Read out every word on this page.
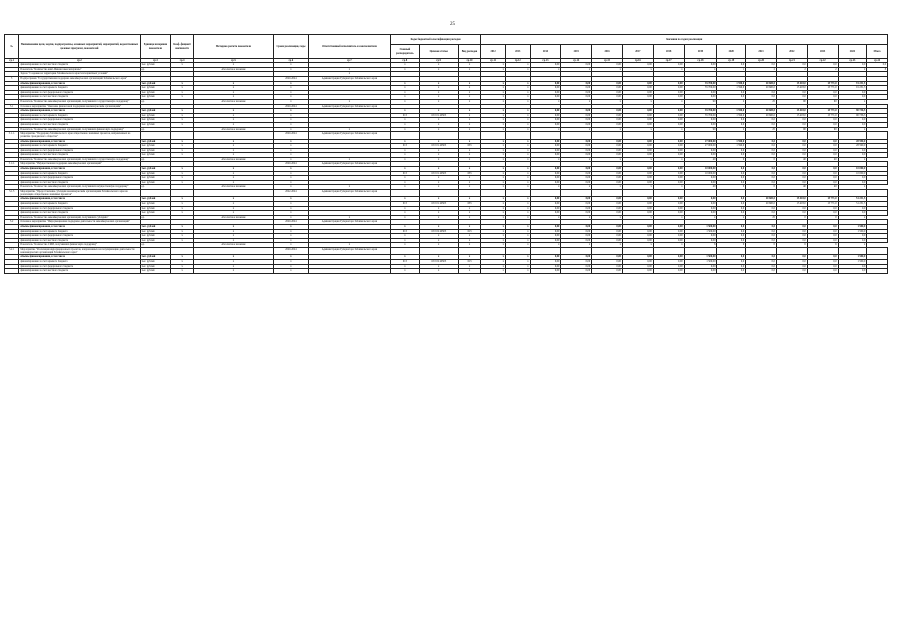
25
№	Наименование цели, задачи, подпрограммы, основных мероприятий, мероприятий, ведомственных целевых программ, показателей	Единица измерения показателя	Коэф. фициент значимости	Методика расчета показателя	Сроки реализации, годы	Ответственный исполнитель и соисполнители	Коды бюджетной классификации расходов			Значения по годам реализации													
							Главный распорядитель	Целевая статья	Вид расходов	2012	2013	2014	2015	2016	2017	2018	2019	2020	2021	2022	2023	2024	Итого
гр.1	гр.2	гр.3	гр.4	гр.5	гр.6	гр.7	гр.8	гр.9	гр.10	гр.11	гр.12	гр.13	гр.14	гр.15	гр.16	гр.17	гр.18	гр.19	гр.20	гр.21	гр.22	гр.23	гр.24
	финансирование за счет местного бюджета	тыс. рублей	х	х	х		х	х	х	х	х	0,00	0,00	0,00	0,00	0,00	0,00	0,0	0,0	0,0	0,0	0,0	0,0
	Показатель "Количество книг-Финансовые материалы"	ед.		Абсолютное значение	х	х	х	х	х	х	х	х	х	х	х	х	х	1	2	2	2	2	8
	Задача "Создание на территории Забайкальского края благоприятных условий"					х																	
5	Подпрограмма "Государственная поддержка некоммерческих организаций Забайкальского края"				2020-2024	Администрация Губернатора Забайкальского края																	
	объемы финансирования, в том числе	тыс. рублей	х	х	х		х	х	х	х	х	0,00	0,00	0,00	0,00	0,00	35 700,00	1 590,0	20 600,0	15 403,0	15 771,0	91 231,5	
	финансирование за счет краевого бюджета	тыс. рублей	х	х	х		х	х	х	х	х	0,00	0,00	0,00	0,00	0,00	35 700,00	1 590,0	20 600,0	15 403,0	15 771,0	91 231,5	
	финансирование за счет федерального бюджета	тыс. рублей	х	х	х		х	х	х	х	х	0,00	0,00	0,00	0,00	0,00	0,00	0,0	0,0	0,0	0,0	0,0	
	финансирование за счет местного бюджета	тыс. рублей	х	х	х		х	х	х	х	х	0,00	0,00	0,00	0,00	0,00	0,00	0,0	0,0	0,0	0,0	0,0	
	Показатель "Количество некоммерческих организаций, получивших государственную поддержку"	ед.		Абсолютное значение	х	х	х	х	х	х	х	х	х	х	х	х	90	2	25	90	90	х	
5.1	Основное мероприятие "Оказание финансовой поддержки некоммерческим организациям"				2020-2024	Администрация Губернатора Забайкальского края																	
	объемы финансирования, в том числе	тыс. рублей	х	х	х		х	х	х	х	х	0,00	0,00	0,00	0,00	0,00	35 700,00	1 590,0	20 600,0	15 403,0	15 771,0	90 736,5	
	финансирование за счет краевого бюджета	тыс. рублей	х	х	х		013	18 0 01 49505	х	х	х	0,00	0,00	0,00	0,00	0,00	35 700,00	1 590,0	20 600,0	15 403,0	15 771,0	90 736,5	
	финансирование за счет федерального бюджета	тыс. рублей	х	х	х		х	х	х	х	х	0,00	0,00	0,00	0,00	0,00	0,00	0,0	0,0	0,0	0,0	0,0	
	финансирование за счет местного бюджета	тыс. рублей	х	х	х		х	х	х	х	х	0,00	0,00	0,00	0,00	0,00	0,00	0,0	0,0	0,0	0,0	0,0	
	Показатель "Количество некоммерческих организаций, получивших финансовую поддержку"	ед.		Абсолютное значение	х	х	х	х	х	х	х	х	х	х	х	х	90	2	25	90	90	х	
5.1.1.	Мероприятие "Поддержка Забайкальского края общественно значимых проектов, направленных на развитие гражданского общества"				2020-2024	Администрация Губернатора Забайкальского края																	
	объемы финансирования, в том числе	тыс. рублей	х	х	х		х	х	х	х	х	0,00	0,00	0,00	0,00	0,00	27 000,00	1 590,0	0,0	0,0	0,0	28 590,0	
	финансирование за счет краевого бюджета	тыс. рублей	х	х	х		013	18 0 01 49505	633	х	х	0,00	0,00	0,00	0,00	0,00	27 000,00	1 590,0	0,0	0,0	0,0	28 590,0	
	финансирование за счет федерального бюджета	тыс. рублей	х	х	х		х	х	х	х	х	0,00	0,00	0,00	0,00	0,00	0,00	0,0	0,0	0,0	0,0	0,0	
	финансирование за счет местного бюджета	тыс. рублей	х	х	х		х	х	х	х	х	0,00	0,00	0,00	0,00	0,00	0,00	0,0	0,0	0,0	0,0	0,0	
	Показатель "Количество некоммерческих организаций, получивших государственную поддержку"	ед.		Абсолютное значение	х	х	х	х	х	х	х	х	х	х	х	х	40	0	0	40	40	х	
5.1.2.	Мероприятие "Имущественная поддержка некоммерческих организаций"				2020-2024	Администрация Губернатора Забайкальского края																	
	объемы финансирования, в том числе	тыс. рублей	х	х	х		х	х	х	х	х	0,00	0,00	0,00	0,00	0,00	10 000,00	0,0	0,0	0,0	0,0	10 000,0	
	финансирование за счет краевого бюджета	тыс. рублей	х	х	х		013	18 0 01 49505	633	х	х	0,00	0,00	0,00	0,00	0,00	10 000,00	0,0	0,0	0,0	0,0	10 000,0	
	финансирование за счет федерального бюджета	тыс. рублей	х	х	х		х	х	х	х	х	0,00	0,00	0,00	0,00	0,00	0,00	0,0	0,0	0,0	0,0	0,0	
	финансирование за счет местного бюджета	тыс. рублей	х	х	х		х	х	х	х	х	0,00	0,00	0,00	0,00	0,00	0,00	0,0	0,0	0,0	0,0	0,0	
	Показатель "Количество некоммерческих организаций, получивших имущественную поддержку"	ед.		Абсолютное значение	х	х	х	х	х	х	х	х	х	х	х	х	40	0	0	40	40	х	
5.1.3	Мероприятие "Предоставление субсидии некоммерческим организациям Забайкальского края на реализацию общественно значимых проектов"				2022-2024	Администрация Губернатора Забайкальского края																	
	объемы финансирования, в том числе	тыс. рублей	х	х	х		х	х	х	х	х	0,00	0,00	0,00	0,00	0,00	0,00	0,0	20 600,0	15 403,0	15 771,0	51 231,5	
	финансирование за счет краевого бюджета	тыс. рублей	х	х	х		013	18 0 01 49505	633	х	х	0,00	0,00	0,00	0,00	0,00	0,00	0,0	20 600,0	15 403,0	15 771,0	51 231,5	
	финансирование за счет федерального бюджета	тыс. рублей	х	х	х		х	х	х	х	х	0,00	0,00	0,00	0,00	0,00	0,00	0,0	0,0	0,0	0,0	0,0	
	финансирование за счет местного бюджета	тыс. рублей	х	х	х		х	х	х	х	х	0,00	0,00	0,00	0,00	0,00	0,00	0,0	0,0	0,0	0,0	0,0	
	Показатель "Количество некоммерческих организаций, получивших субсидию"	ед.		Абсолютное значение	х	х	х	х	х	х	х	х	х	х	х	х	х	х	25	0	0	х	
5.2	Основное мероприятие "Информационная поддержка деятельности некоммерческих организаций"				2020-2024	Администрация Губернатора Забайкальского края																	
	объемы финансирования, в том числе	тыс. рублей	х	х	х		х	х	х	х	х	0,00	0,00	0,00	0,00	0,00	1 500,00	0,0	0,0	0,0	0,0	1 500,0	
	финансирование за счет краевого бюджета	тыс. рублей	х	х	х		013	18 0 02 49503	613	х	х	0,00	0,00	0,00	0,00	0,00	1 500,00	0,0	0,0	0,0	0,0	1 500,0	
	финансирование за счет федерального бюджета	тыс. рублей	х	х	х		х	х	х	х	х	0,00	0,00	0,00	0,00	0,00	0,00	0,0	0,0	0,0	0,0	0,0	
	финансирование за счет местного бюджета	тыс. рублей	х	х	х		х	х	х	х	х	0,00	0,00	0,00	0,00	0,00	0,00	0,0	0,0	0,0	0,0	0,0	
	Показатель "Количество СМИ, получивших финансовую поддержку"	ед.		Абсолютное значение	х	х	х	х	х	х	х	х	х	х	х	х	6	0	0	6	6	х	
5.2.1	Мероприятие "Реализация информационных проектов, направленных на популяризацию деятельности некоммерческих организаций Забайкальского края"				2020-2024	Администрация Губернатора Забайкальского края																	
	объемы финансирования, в том числе	тыс. рублей	х	х	х		х	х	х	х	х	0,00	0,00	0,00	0,00	0,00	1 500,00	0,0	0,0	0,0	0,0	1 500,0	
	финансирование за счет краевого бюджета	тыс. рублей	х	х	х		013	18 0 02 49503	613	х	х	0,00	0,00	0,00	0,00	0,00	1 500,00	0,0	0,0	0,0	0,0	1 500,0	
	финансирование за счет федерального бюджета	тыс. рублей	х	х	х		х	х	х	х	х	0,00	0,00	0,00	0,00	0,00	0,00	0,0	0,0	0,0	0,0	0,0	
	финансирование за счет местного бюджета	тыс. рублей	х	х	х		х	х	х	х	х	0,00	0,00	0,00	0,00	0,00	0,00	0,0	0,0	0,0	0,0	0,0	
